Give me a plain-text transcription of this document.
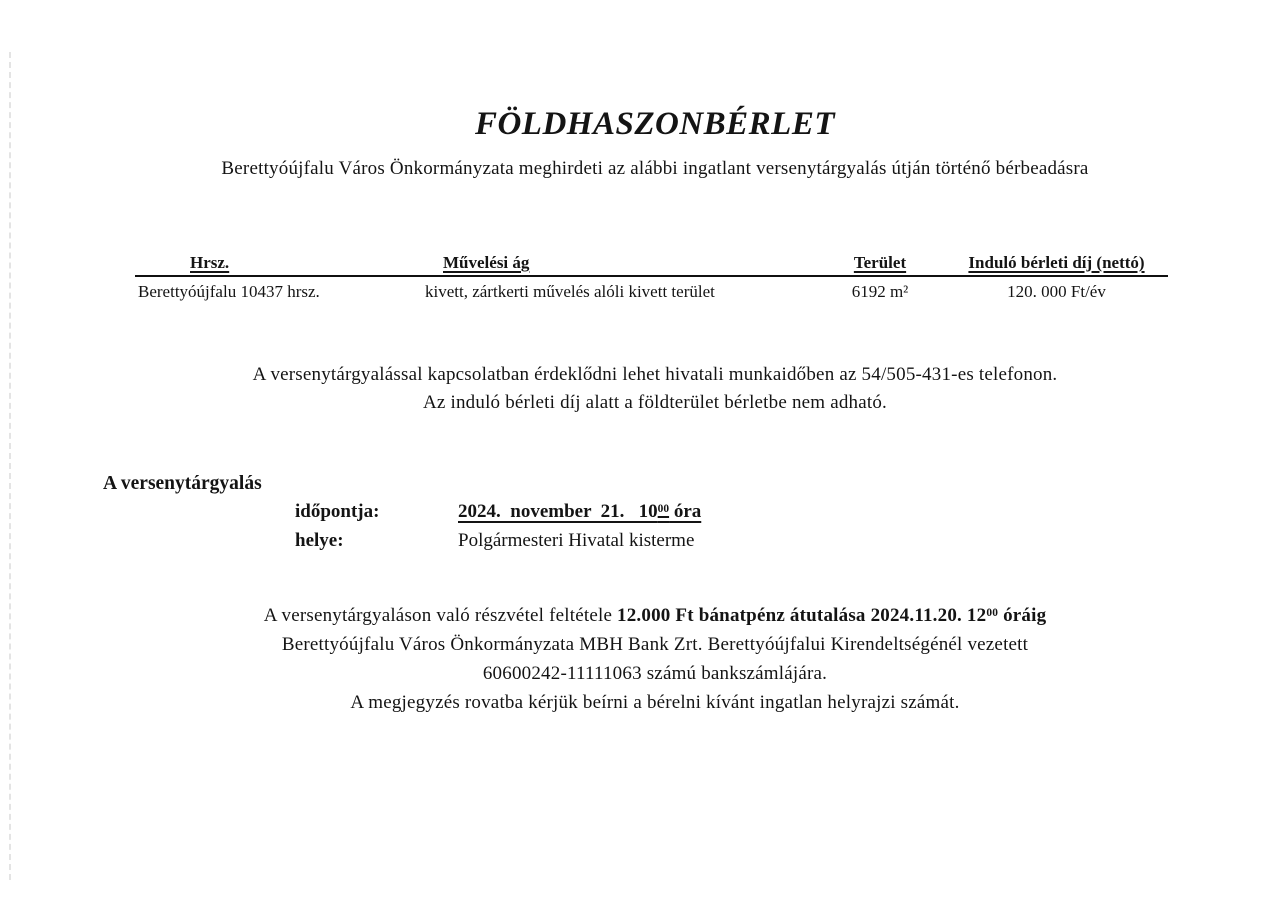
FÖLDHASZONBÉRLET

Berettyóújfalu Város Önkormányzata meghirdeti az alábbi ingatlant versenytárgyalás útján történő bérbeadásra

Hrsz.	Művelési ág	Terület	Induló bérleti díj (nettó)
Berettyóújfalu 10437 hrsz.	kivett, zártkerti művelés alóli kivett terület	6192 m²	120. 000 Ft/év

A versenytárgyalással kapcsolatban érdeklődni lehet hivatali munkaidőben az 54/505-431-es telefonon.

Az induló bérleti díj alatt a földterület bérletbe nem adható.

A versenytárgyalás
időpontja:	2024.  november  21.   $10^{00}$ óra
helye:	Polgármesteri Hivatal kisterme

A versenytárgyaláson való részvétel feltétele 12.000 Ft bánatpénz átutalása 2024.11.20. $12^{00}$ óráig

Berettyóújfalu Város Önkormányzata MBH Bank Zrt. Berettyóújfalui Kirendeltségénél vezetett

60600242-11111063 számú bankszámlájára.

A megjegyzés rovatba kérjük beírni a bérelni kívánt ingatlan helyrajzi számát.
